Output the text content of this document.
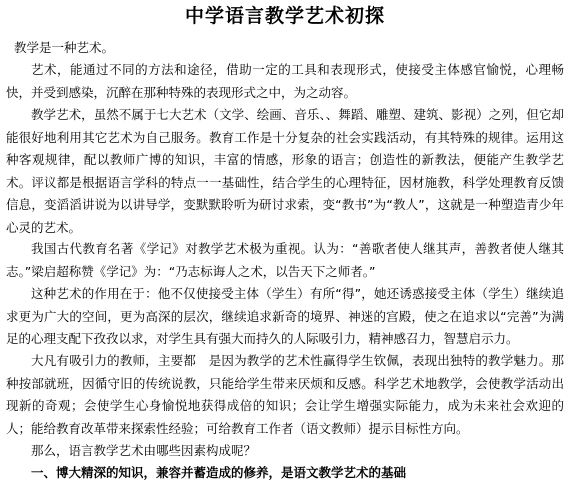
中学语言教学艺术初探

教学是一种艺术。

艺术，能通过不同的方法和途径，借助一定的工具和表现形式，使接受主体感官愉悦，心理畅快，并受到感染，沉醉在那种特殊的表现形式之中，为之动容。

教学艺术，虽然不属于七大艺术（文学、绘画、音乐、、舞蹈、雕塑、建筑、影视）之列，但它却能很好地利用其它艺术为自己服务。教育工作是十分复杂的社会实践活动，有其特殊的规律。运用这种客观规律，配以教师广博的知识，丰富的情感，形象的语言；创造性的新教法，便能产生教学艺术。评议都是根据语言学科的特点一一基础性，结合学生的心理特征，因材施教，科学处理教育反馈信息，变滔滔讲说为以讲导学，变默默聆听为研讨求索，变“教书”为“教人”，这就是一种塑造青少年心灵的艺术。

我国古代教育名著《学记》对教学艺术极为重视。认为：“善歌者使人继其声，善教者使人继其志。”梁启超称赞《学记》为：“乃志标诲人之术，以告天下之师者。”

这种艺术的作用在于：他不仅使接受主体（学生）有所“得”，她还诱惑接受主体（学生）继续追求更为广大的空间，更为高深的层次，继续追求新奇的境界、神迷的宫殿，使之在追求以“完善”为满足的心理支配下孜孜以求，对学生具有强大而持久的人际吸引力，精神感召力，智慧启示力。

大凡有吸引力的教师，主要都　是因为教学的艺术性赢得学生钦佩，表现出独特的教学魅力。那种按部就班，因循守旧的传统说教，只能给学生带来厌烦和反感。科学艺术地教学，会使教学活动出现新的奇观；会使学生心身愉悦地获得成倍的知识；会让学生增强实际能力，成为未来社会欢迎的人；能给教育改革带来探索性经验；可给教育工作者（语文教师）提示目标性方向。

那么，语言教学艺术由哪些因素构成呢？

一、博大精深的知识，兼容并蓄造成的修养，是语文教学艺术的基础
